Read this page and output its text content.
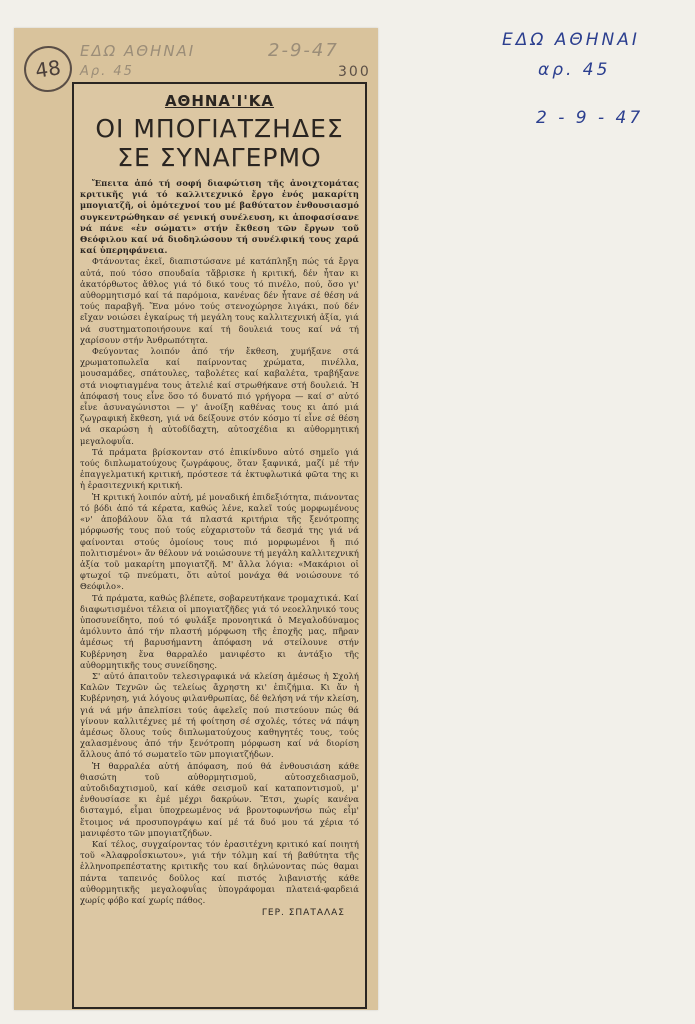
48
ΕΔΩ ΑΘΗΝΑΙ	2-9-47
Αρ. 45	300
ΑΘΗΝΑ'Ι'ΚΑ
ΟΙ ΜΠΟΓΙΑΤΖΗΔΕΣ
ΣΕ ΣΥΝΑΓΕΡΜΟ

Ἔπειτα ἀπό τή σοφή διαφώτιση τῆς ἀνοιχτομάτας κριτικῆς γιά τό καλλιτεχνικό ἔργο ἑνός μακαρίτη μπογιατζῆ, οἱ ὁμότεχνοί του μέ βαθύτατον ἐνθουσιασμό συγκεντρώθηκαν σέ γενική συνέλευση, κι ἀποφασίσανε νά πάνε «ἐν σώματι» στήν ἔκθεση τῶν ἔργων τοῦ Θεόφιλου καί νά διοδηλώσουν τή συνέλφική τους χαρά καί ὑπερηφάνεια.

Φτάνοντας ἐκεῖ, διαπιστώσανε μέ κατάπληξη πώς τά ἔργα αὐτά, πού τόσο σπουδαία τἄβρισκε ἡ κριτική, δέν ἦταν κι ἀκατόρθωτος ἄθλος γιά τό δικό τους τό πινέλο, πού, ὅσο γι' αὐθορμητισμό καί τά παρόμοια, κανένας δέν ἦτανε σέ θέση νά τούς παραβγῆ. Ἕνα μόνο τούς στενοχώρησε λιγάκι, πού δέν εἴχαν νοιώσει ἐγκαίρως τή μεγάλη τους καλλιτεχνική ἀξία, γιά νά συστηματοποιήσουνε καί τή δουλειά τους καί νά τή χαρίσουν στήν Ἀνθρωπότητα.

Φεύγοντας λοιπόν ἀπό τήν ἔκθεση, χυμήξανε στά χρωματοπωλεῖα καί παίρνοντας χρώματα, πινέλλα, μουσαμάδες, σπάτουλες, ταβολέτες καί καβαλέτα, τραβήξανε στά νιοφτιαγμένα τους ἀτελιέ καί στρωθήκανε στή δουλειά. Ἡ ἀπόφασή τους εἶνε ὅσο τό δυνατό πιό γρήγορα — καί σ' αὐτό εἶνε ἀσυναγώνιστοι — γ' ἀνοίξη καθένας τους κι ἀπό μιά ζωγραφική ἔκθεση, γιά νά δείξουνε στόν κόσμο τί εἶνε σέ θέση νά σκαρώση ἡ αὐτοδίδαχτη, αὐτοσχέδια κι αὐθορμητική μεγαλοφυΐα.

Τά πράματα βρίσκονταν στό ἐπικίνδυνο αὐτό σημεῖο γιά τούς διπλωματούχους ζωγράφους, ὅταν ξαφνικά, μαζί μέ τήν ἐπαγγελματική κριτική, πρόστεσε τά ἐκτυφλωτικά φῶτα της κι ἡ ἐρασιτεχνική κριτική.

Ἡ κριτική λοιπόν αὐτή, μέ μοναδική ἐπιδεξιότητα, πιάνοντας τό βόδι ἀπό τά κέρατα, καθώς λένε, καλεῖ τούς μορφωμένους «ν' ἀποβάλουν ὅλα τά πλαστά κριτήρια τῆς ξενότροπης μόρφωσής τους πού τούς εὐχαριστοῦν τά δεσμά της γιά νά φαίνονται στούς ὁμοίους τους πιό μορφωμένοι ἤ πιό πολιτισμένοι» ἄν θέλουν νά νοιώσουνε τή μεγάλη καλλιτεχνική ἀξία τοῦ μακαρίτη μπογιατζῆ. Μ' ἄλλα λόγια: «Μακάριοι οἱ φτωχοί τῷ πνεύματι, ὅτι αὐτοί μονάχα θά νοιώσουνε τό Θεόφιλο».

Τά πράματα, καθώς βλέπετε, σοβαρευτήκανε τρομαχτικά. Καί διαφωτισμένοι τέλεια οἱ μπογιατζῆδες γιά τό νεοελληνικό τους ὑποσυνείδητο, πού τό φυλάξε προνοητικά ὁ Μεγαλοδύναμος ἀμόλυντο ἀπό τήν πλαστή μόρφωση τῆς ἐποχῆς μας, πῆραν ἀμέσως τή βαρυσήμαντη ἀπόφαση νά στείλουνε στήν Κυβέρνηση ἕνα θαρραλέο μανιφέστο κι ἀντάξιο τῆς αὐθορμητικῆς τους συνείδησης.

Σ' αὐτό ἀπαιτοῦν τελεσιγραφικά νά κλείση ἀμέσως ἡ Σχολή Καλῶν Τεχνῶν ὡς τελείως ἄχρηστη κι' ἐπιζήμια. Κι ἄν ἡ Κυβέρνηση, γιά λόγους φιλανθρωπίας, δέ θελήση νά τήν κλείση, γιά νά μήν ἀπελπίσει τούς ἀφελεῖς πού πιστεύουν πώς θά γίνουν καλλιτέχνες μέ τή φοίτηση σέ σχολές, τότες νά πάψη ἀμέσως ὅλους τούς διπλωματούχους καθηγητές τους, τούς χαλασμένους ἀπό τήν ξενότροπη μόρφωση καί νά διορίση ἄλλους ἀπό τό σωματεῖο τῶν μπογιατζήδων.

Ἡ θαρραλέα αὐτή ἀπόφαση, πού θά ἐνθουσιάση κάθε θιασώτη τοῦ αὐθορμητισμοῦ, αὐτοσχεδιασμοῦ, αὐτοδιδαχτισμοῦ, καί κάθε σεισμοῦ καί καταποντισμοῦ, μ' ἐνθουσίασε κι ἐμέ μέχρι δακρύων. Ἔτσι, χωρίς κανένα δισταγμό, εἶμαι ὑποχρεωμένος νά βροντοφωνήσω πώς εἶμ' ἕτοιμος νά προσυπογράψω καί μέ τά δυό μου τά χέρια τό μανιφέστο τῶν μπογιατζήδων.

Καί τέλος, συγχαίροντας τόν ἐρασιτέχνη κριτικό καί ποιητή τοῦ «Ἀλαφροΐσκιωτου», γιά τήν τόλμη καί τή βαθύτητα τῆς ἑλληνοπρεπέστατης κριτικῆς του καί δηλώνοντας πώς θαμαι πάντα ταπεινός δοῦλος καί πιστός λιβανιστής κάθε αὐθορμητικῆς μεγαλοφυΐας ὑπογράφομαι πλατειά-φαρδειά χωρίς φόβο καί χωρίς πάθος.

ΓΕΡ. ΣΠΑΤΑΛΑΣ
ΕΔΩ ΑΘΗΝΑΙ
αρ. 45
2 - 9 - 47
